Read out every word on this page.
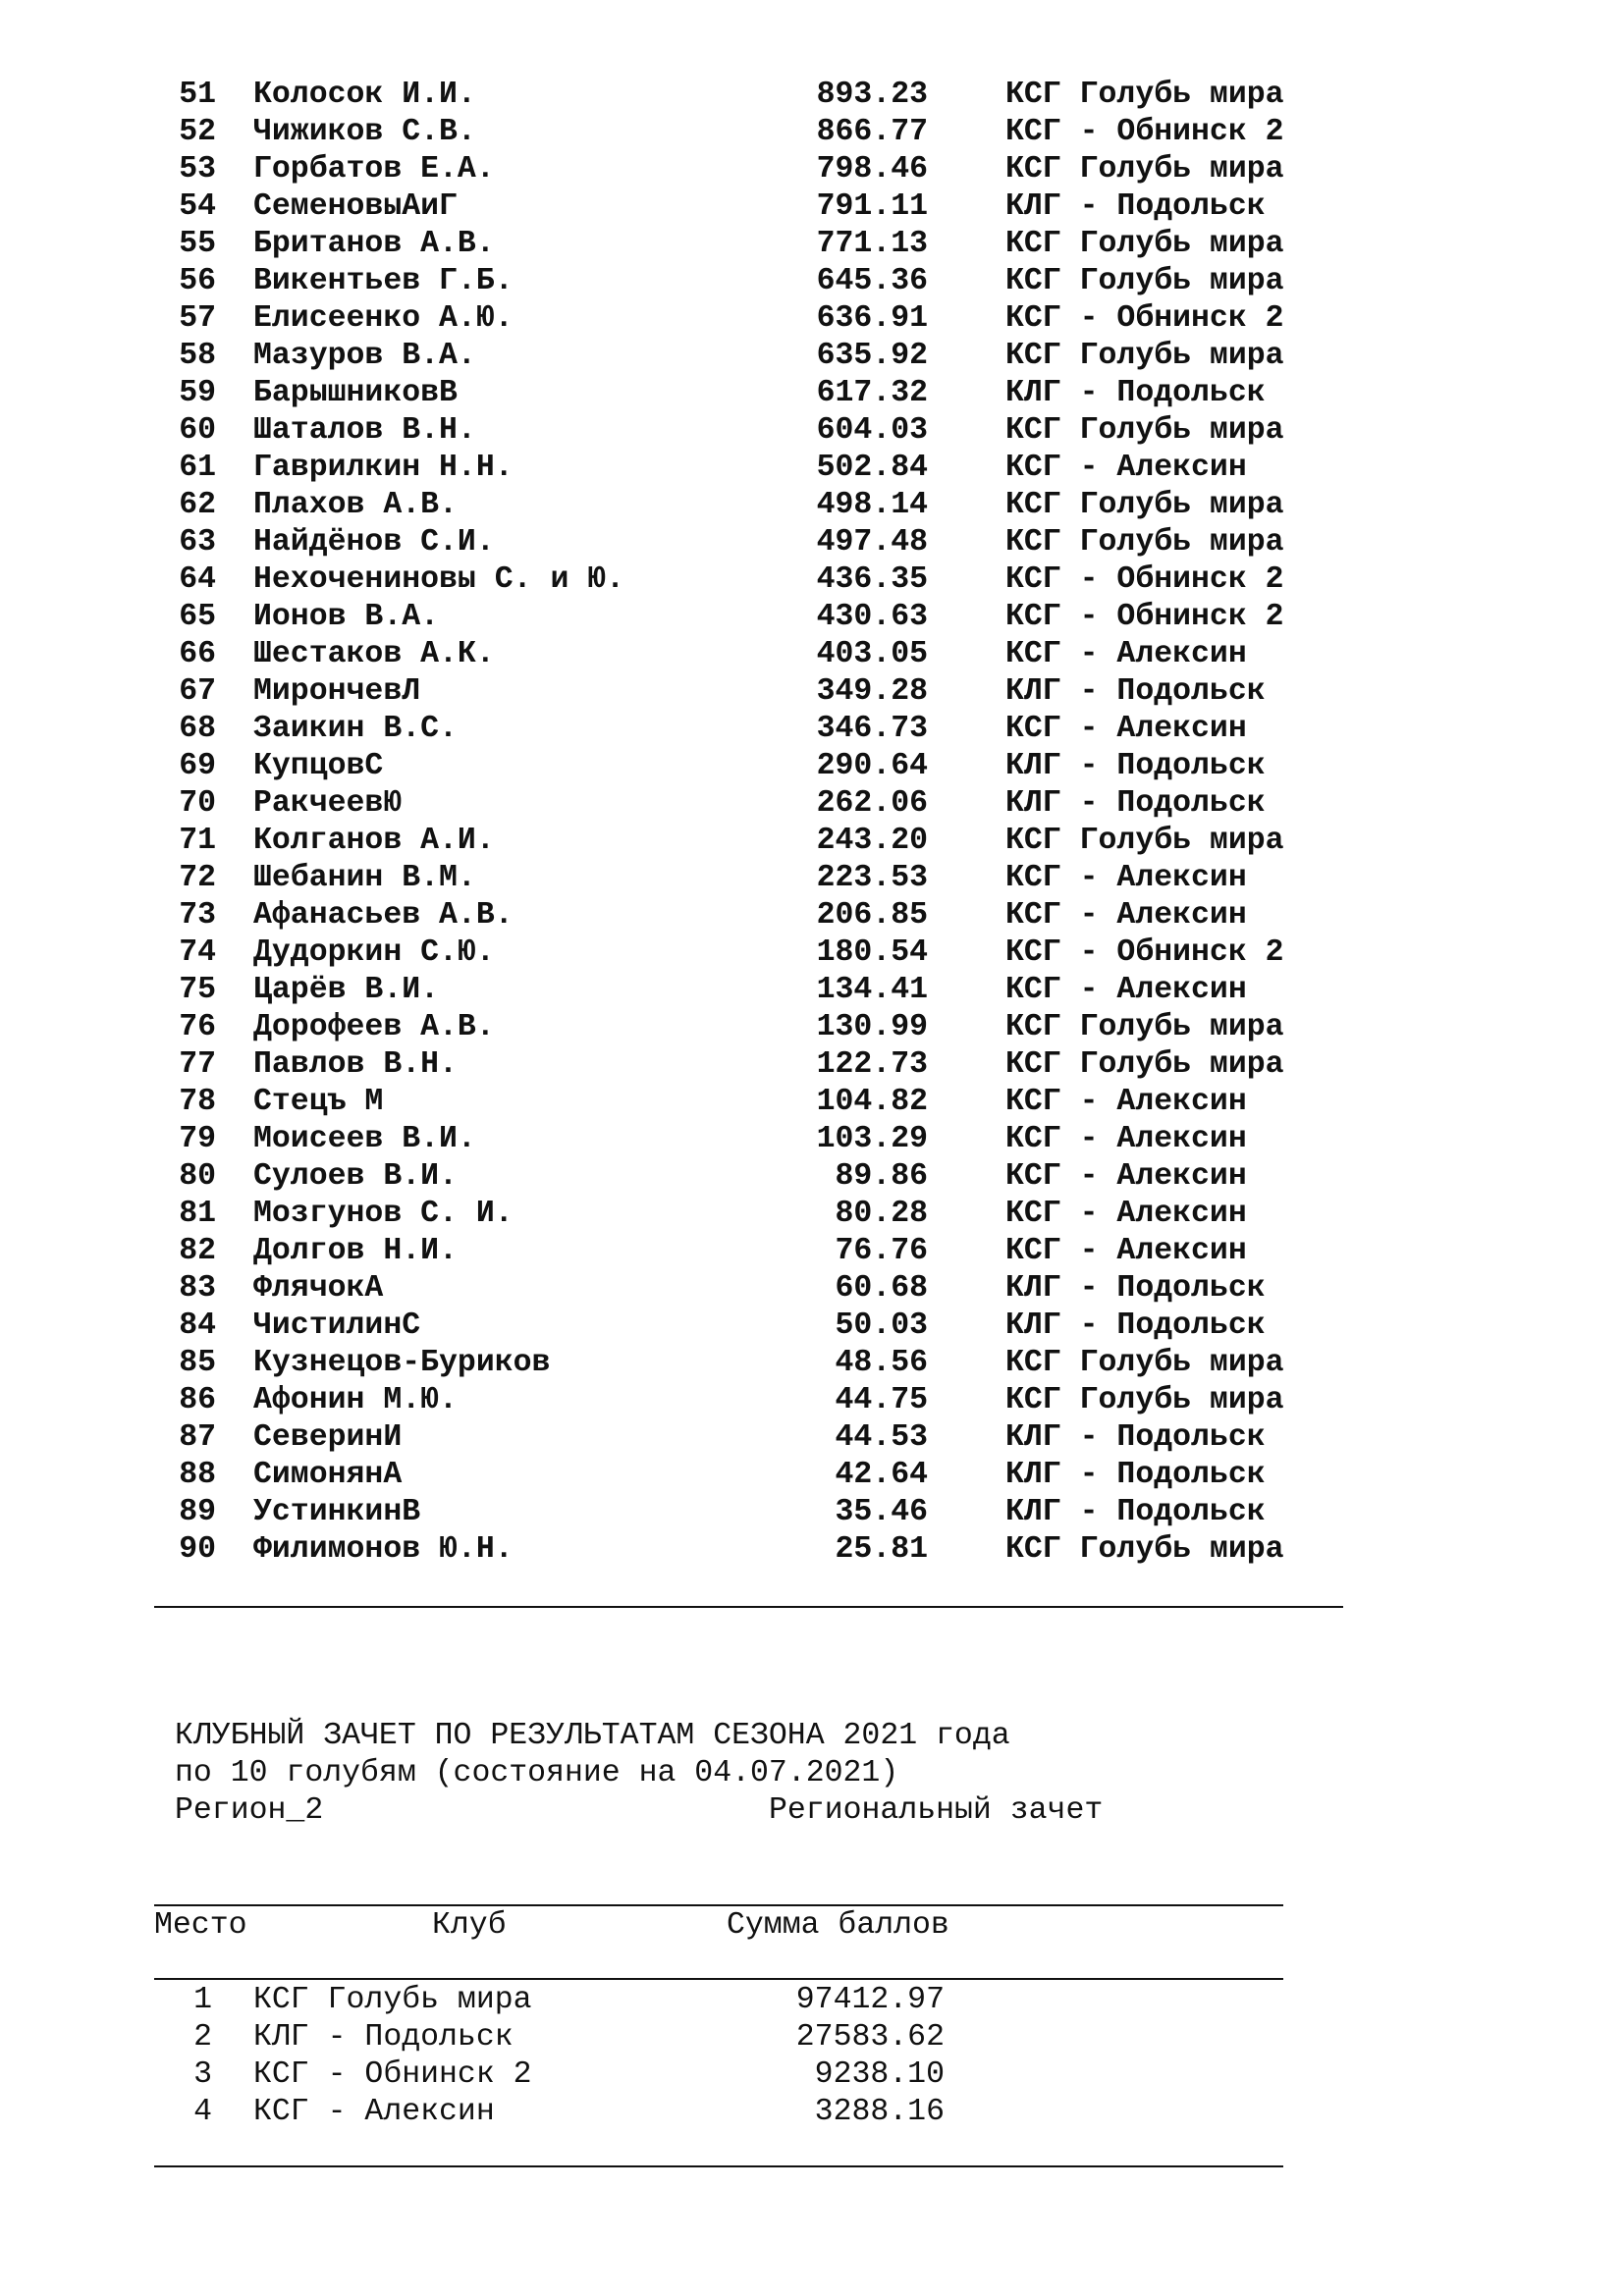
51 Колосок И.И.	893.23	КСГ Голубь мира
52 Чижиков С.В.	866.77	КСГ - Обнинск 2
53 Горбатов Е.А.	798.46	КСГ Голубь мира
54 СеменовыАиГ	791.11	КЛГ - Подольск
55 Британов А.В.	771.13	КСГ Голубь мира
56 Викентьев Г.Б.	645.36	КСГ Голубь мира
57 Елисеенко А.Ю.	636.91	КСГ - Обнинск 2
58 Мазуров В.А.	635.92	КСГ Голубь мира
59 БарышниковВ	617.32	КЛГ - Подольск
60 Шаталов В.Н.	604.03	КСГ Голубь мира
61 Гаврилкин Н.Н.	502.84	КСГ - Алексин
62 Плахов А.В.	498.14	КСГ Голубь мира
63 Найдёнов С.И.	497.48	КСГ Голубь мира
64 Нехочениновы С. и Ю.	436.35	КСГ - Обнинск 2
65 Ионов В.А.	430.63	КСГ - Обнинск 2
66 Шестаков А.К.	403.05	КСГ - Алексин
67 МирончевЛ	349.28	КЛГ - Подольск
68 Заикин В.С.	346.73	КСГ - Алексин
69 КупцовС	290.64	КЛГ - Подольск
70 РакчеевЮ	262.06	КЛГ - Подольск
71 Колганов А.И.	243.20	КСГ Голубь мира
72 Шебанин В.М.	223.53	КСГ - Алексин
73 Афанасьев А.В.	206.85	КСГ - Алексин
74 Дудоркин С.Ю.	180.54	КСГ - Обнинск 2
75 Царёв В.И.	134.41	КСГ - Алексин
76 Дорофеев А.В.	130.99	КСГ Голубь мира
77 Павлов В.Н.	122.73	КСГ Голубь мира
78 Стецъ М	104.82	КСГ - Алексин
79 Моисеев В.И.	103.29	КСГ - Алексин
80 Сулоев В.И.	89.86	КСГ - Алексин
81 Мозгунов С. И.	80.28	КСГ - Алексин
82 Долгов Н.И.	76.76	КСГ - Алексин
83 ФлячокА	60.68	КЛГ - Подольск
84 ЧистилинС	50.03	КЛГ - Подольск
85 Кузнецов-Буриков	48.56	КСГ Голубь мира
86 Афонин М.Ю.	44.75	КСГ Голубь мира
87 СеверинИ	44.53	КЛГ - Подольск
88 СимонянА	42.64	КЛГ - Подольск
89 УстинкинВ	35.46	КЛГ - Подольск
90 Филимонов Ю.Н.	25.81	КСГ Голубь мира
КЛУБНЫЙ ЗАЧЕТ ПО РЕЗУЛЬТАТАМ СЕЗОНА 2021 года
по 10 голубям (состояние на 04.07.2021)
Регион_2	Региональный зачет
Место	Клуб	Сумма баллов
1 КСГ Голубь мира	97412.97
2 КЛГ - Подольск	27583.62
3 КСГ - Обнинск 2	9238.10
4 КСГ - Алексин	3288.16
